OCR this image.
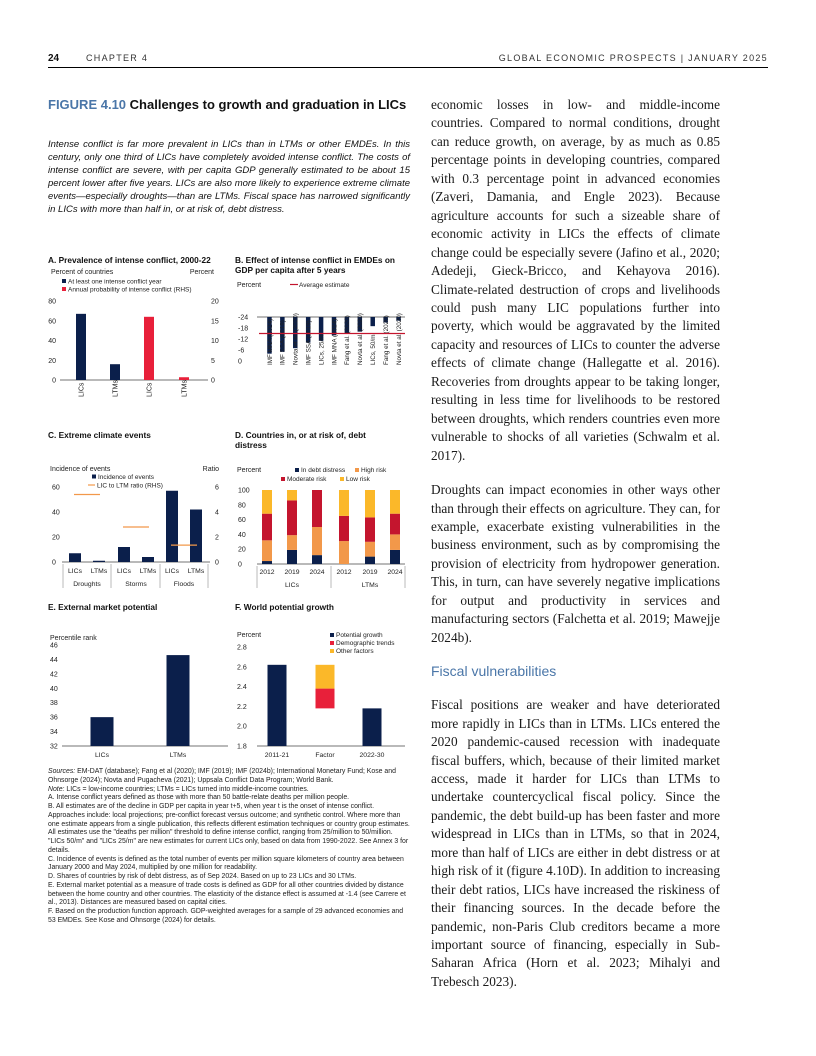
24	CHAPTER 4	GLOBAL ECONOMIC PROSPECTS | JANUARY 2025
FIGURE 4.10 Challenges to growth and graduation in LICs
Intense conflict is far more prevalent in LICs than in LTMs or other EMDEs. In this century, only one third of LICs have completely avoided intense conflict. The costs of intense conflict are severe, with per capita GDP generally estimated to be about 15 percent lower after five years. LICs are also more likely to experience extreme climate events—especially droughts—than are LTMs. Fiscal space has narrowed significantly in LICs with more than half in, or at risk of, debt distress.
A. Prevalence of intense conflict, 2000-22
Percent of countries	Percent
At least one intense conflict year
Annual probability of intense conflict (RHS)
0
20
40
60
80
0
5
10
15
20
LICs	LTMs	LICs	LTMs
B. Effect of intense conflict in EMDEs on GDP per capita after 5 years
Percent	Average estimate
0
-6
-12
-18
-24
IMF MNA (2024) IMF SSA (2019) Novta et al. (2020) IMF SSA (2019) LICs, 25/m IMF MNA (2024) Fang et al. (2020) Novta et al. (2020) LICs, 50/m Fang et al. (2020) Novta et al. (2020)
C. Extreme climate events
Incidence of events	Ratio
Incidence of events
LIC to LTM ratio (RHS)
0
20
40
60
0
2
4
6
LICs LTMs LICs LTMs LICs LTMs
Droughts	Storms	Floods
D. Countries in, or at risk of, debt distress
Percent	In debt distress High risk
Moderate risk	Low risk
0
20
40
60
80
100
2012 2019 2024 2012 2019 2024
LICs	LTMs
E. External market potential
Percentile rank
32
34
36
38
40
42
44
46
LICs	LTMs
F. World potential growth
Percent	Potential growth
Demographic trends
Other factors
1.8
2.0
2.2
2.4
2.6
2.8
2011-21	Factor	2022-30

Sources: EM-DAT (database); Fang et al (2020); IMF (2019); IMF (2024b); International Monetary Fund; Kose and Ohnsorge (2024); Novta and Pugacheva (2021); Uppsala Conflict Data Program; World Bank.

Note: LICs = low-income countries; LTMs = LICs turned into middle-income countries.

A. Intense conflict years defined as those with more than 50 battle-relate deaths per million people.

B. All estimates are of the decline in GDP per capita in year t+5, when year t is the onset of intense conflict. Approaches include: local projections; pre-conflict forecast versus outcome; and synthetic control. Where more than one estimate appears from a single publication, this reflects different estimation techniques or country group estimates. All estimates use the "deaths per million" threshold to define intense conflict, ranging from 25/million to 50/million. "LICs 50/m" and "LICs 25/m" are new estimates for current LICs only, based on data from 1990-2022. See Annex 3 for details.

C. Incidence of events is defined as the total number of events per million square kilometers of country area between January 2000 and May 2024, multiplied by one million for readability.

D. Shares of countries by risk of debt distress, as of Sep 2024. Based on up to 23 LICs and 30 LTMs.

E. External market potential as a measure of trade costs is defined as GDP for all other countries divided by distance between the home country and other countries. The elasticity of the distance effect is assumed at -1.4 (see Carrere et al., 2013). Distances are measured based on capital cities.

F. Based on the production function approach. GDP-weighted averages for a sample of 29 advanced economies and 53 EMDEs. See Kose and Ohnsorge (2024) for details.

economic losses in low- and middle-income countries. Compared to normal conditions, drought can reduce growth, on average, by as much as 0.85 percentage points in developing countries, compared with 0.3 percentage point in advanced economies (Zaveri, Damania, and Engle 2023). Because agriculture accounts for such a sizeable share of economic activity in LICs the effects of climate change could be especially severe (Jafino et al., 2020; Adedeji, Gieck-Bricco, and Kehayova 2016). Climate-related destruction of crops and livelihoods could push many LIC populations further into poverty, which would be aggravated by the limited capacity and resources of LICs to counter the adverse effects of climate change (Hallegatte et al. 2016). Recoveries from droughts appear to be taking longer, resulting in less time for livelihoods to be restored between droughts, which renders countries even more vulnerable to shocks of all varieties (Schwalm et al. 2017).

Droughts can impact economies in other ways other than through their effects on agriculture. They can, for example, exacerbate existing vulnerabilities in the business environment, such as by compromising the provision of electricity from hydropower generation. This, in turn, can have severely negative implications for output and productivity in services and manufacturing sectors (Falchetta et al. 2019; Mawejje 2024b).

Fiscal vulnerabilities

Fiscal positions are weaker and have deteriorated more rapidly in LICs than in LTMs. LICs entered the 2020 pandemic-caused recession with inadequate fiscal buffers, which, because of their limited market access, made it harder for LICs than LTMs to undertake countercyclical fiscal policy. Since the pandemic, the debt build-up has been faster and more widespread in LICs than in LTMs, so that in 2024, more than half of LICs are either in debt distress or at high risk of it (figure 4.10D). In addition to increasing their debt ratios, LICs have increased the riskiness of their financing sources. In the decade before the pandemic, non-Paris Club creditors became a more important source of financing, especially in Sub-Saharan Africa (Horn et al. 2023; Mihalyi and Trebesch 2023).
